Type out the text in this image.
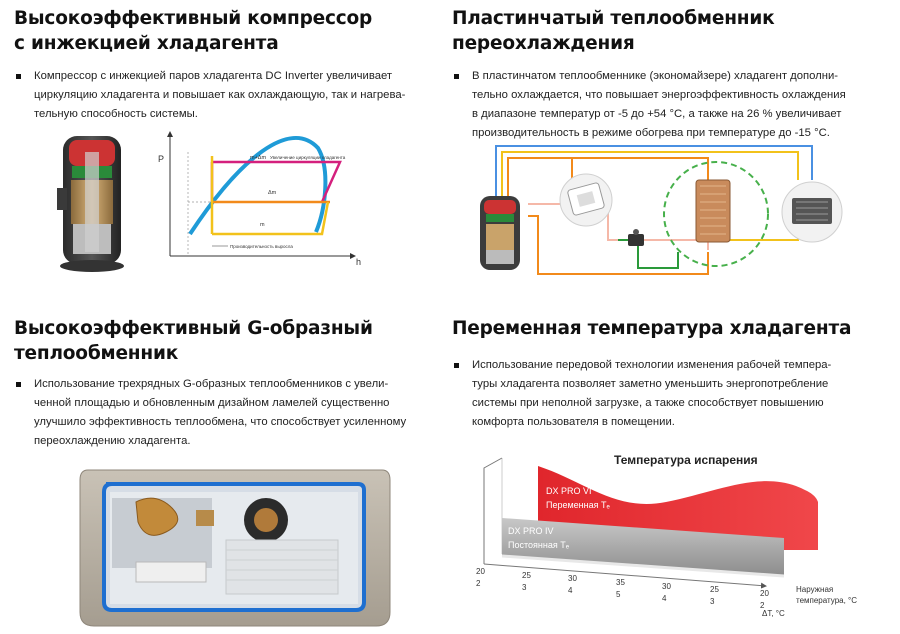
Высокоэффективный компрессор
с инжекцией хладагента
Компрессор с инжекцией паров хладагента DC Inverter увеличивает
циркуляцию хладагента и повышает как охлаждающую, так и нагрева-
тельную способность системы.
P
h
m+Δm Увеличение циркуляции хладагента
Δm
m
Производительность выросла
Пластинчатый теплообменник
переохлаждения
В пластинчатом теплообменнике (экономайзере) хладагент дополни-
тельно охлаждается, что повышает энергоэффективность охлаждения
в диапазоне температур от -5 до +54 °C, а также на 26 % увеличивает
производительность в режиме обогрева при температуре до -15 °C.
Высокоэффективный G-образный
теплообменник
Использование трехрядных G-образных теплообменников с увели-
ченной площадью и обновленным дизайном ламелей существенно
улучшило эффективность теплообмена, что способствует усиленному
переохлаждению хладагента.
Переменная температура хладагента
Использование передовой технологии изменения рабочей темпера-
туры хладагента позволяет заметно уменьшить энергопотребление
системы при неполной загрузке, а также способствует повышению
комфорта пользователя в помещении.
Температура испарения
DX PRO VI
Переменная Тₑ
DX PRO IV
Постоянная Тₑ
20
2
25
3
30
4
35
5
30
4
25
3
20
2
Наружная
температура, °C
ΔT, °C
